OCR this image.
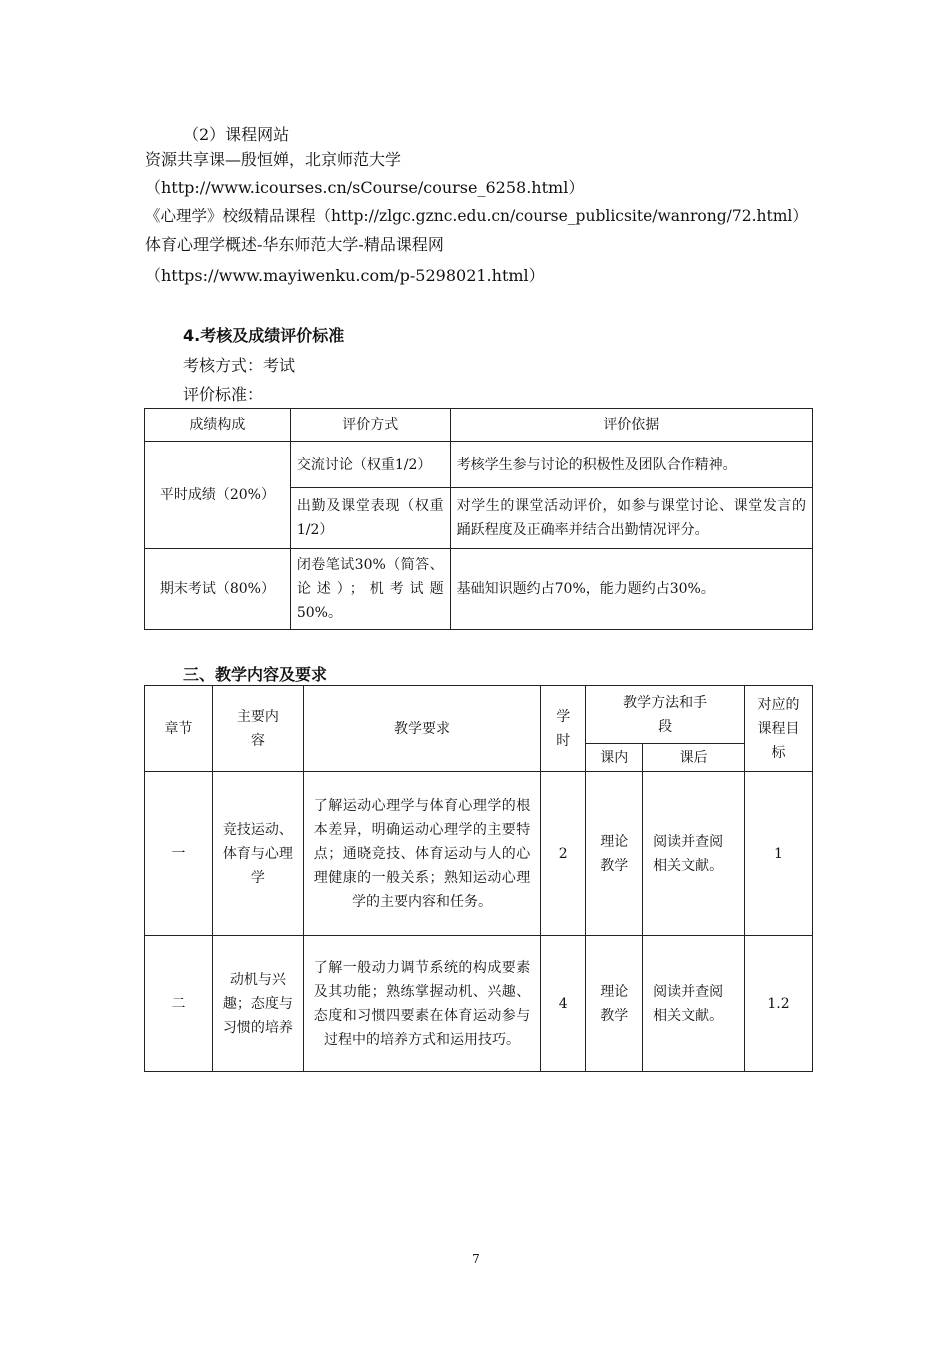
（2）课程网站
资源共享课—殷恒婵，北京师范大学
（http://www.icourses.cn/sCourse/course_6258.html）
《心理学》校级精品课程（http://zlgc.gznc.edu.cn/course_publicsite/wanrong/72.html）
体育心理学概述-华东师范大学-精品课程网
（https://www.mayiwenku.com/p-5298021.html）
4.考核及成绩评价标准
考核方式：考试
评价标准：
成绩构成	评价方式	评价依据
平时成绩（20%）	交流讨论（权重1/2）	考核学生参与讨论的积极性及团队合作精神。
	出勤及课堂表现（权重1/2）	对学生的课堂活动评价，如参与课堂讨论、课堂发言的踊跃程度及正确率并结合出勤情况评分。
期末考试（80%）	闭卷笔试30%（简答、论述）；机考试题50%。	基础知识题约占70%，能力题约占30%。
三、教学内容及要求
章节	主要内容	教学要求	学时	教学方法和手段		对应的课程目标
				课内	课后	
一	竞技运动、体育与心理学	了解运动心理学与体育心理学的根本差异，明确运动心理学的主要特点；通晓竞技、体育运动与人的心理健康的一般关系；熟知运动心理学的主要内容和任务。	2	理论教学	阅读并查阅相关文献。	1
二	动机与兴趣；态度与习惯的培养	了解一般动力调节系统的构成要素及其功能；熟练掌握动机、兴趣、态度和习惯四要素在体育运动参与过程中的培养方式和运用技巧。	4	理论教学	阅读并查阅相关文献。	1.2
7
